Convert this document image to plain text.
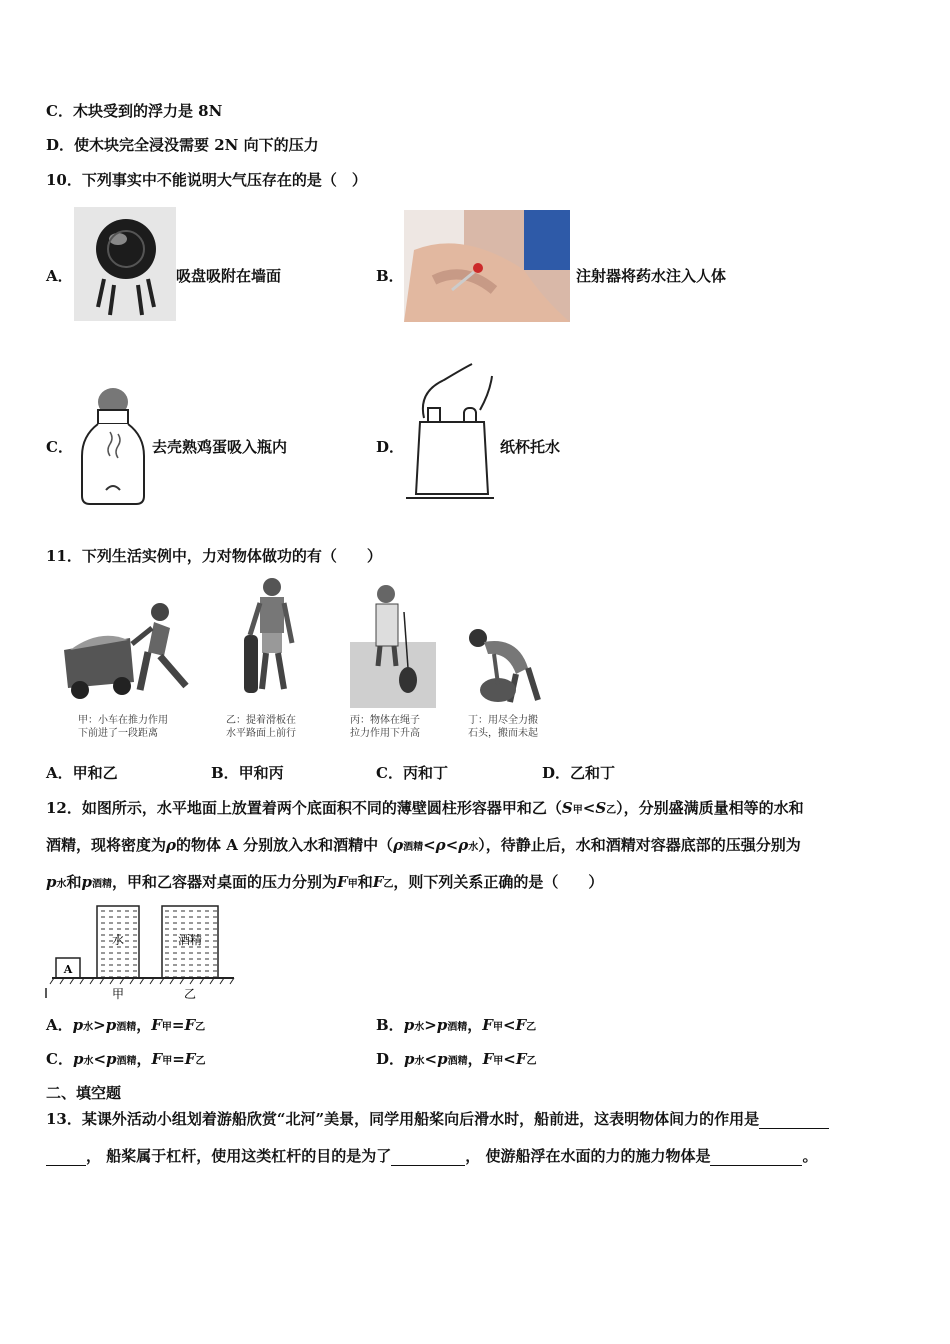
C．木块受到的浮力是 8N
D．使木块完全浸没需要 2N 向下的压力
10．下列事实中不能说明大气压存在的是（　）
A．	吸盘吸附在墙面	B．	注射器将药水注入人体
C．	去壳熟鸡蛋吸入瓶内	D．	纸杯托水
11．下列生活实例中，力对物体做功的有（　　）
甲：小车在推力作用
下前进了一段距离
乙：提着滑板在
水平路面上前行
丙：物体在绳子
拉力作用下升高
丁：用尽全力搬
石头，搬而未起
A．甲和乙	B．甲和丙	C．丙和丁	D．乙和丁
12．如图所示，水平地面上放置着两个底面积不同的薄壁圆柱形容器甲和乙（S甲<S乙），分别盛满质量相等的水和
酒精，现将密度为ρ的物体 A 分别放入水和酒精中（ρ酒精<ρ<ρ水），待静止后，水和酒精对容器底部的压强分别为
p水和p酒精，甲和乙容器对桌面的压力分别为F甲和F乙，则下列关系正确的是（　　）
A
水	酒精
甲	乙
A．p水>p酒精，F甲=F乙	B．p水>p酒精，F甲<F乙
C．p水<p酒精，F甲=F乙	D．p水<p酒精，F甲<F乙
二、填空题
13．某课外活动小组划着游船欣赏“北河”美景，同学用船桨向后滑水时，船前进，这表明物体间力的作用是
， 船桨属于杠杆，使用这类杠杆的目的是为了	， 使游船浮在水面的力的施力物体是	。
